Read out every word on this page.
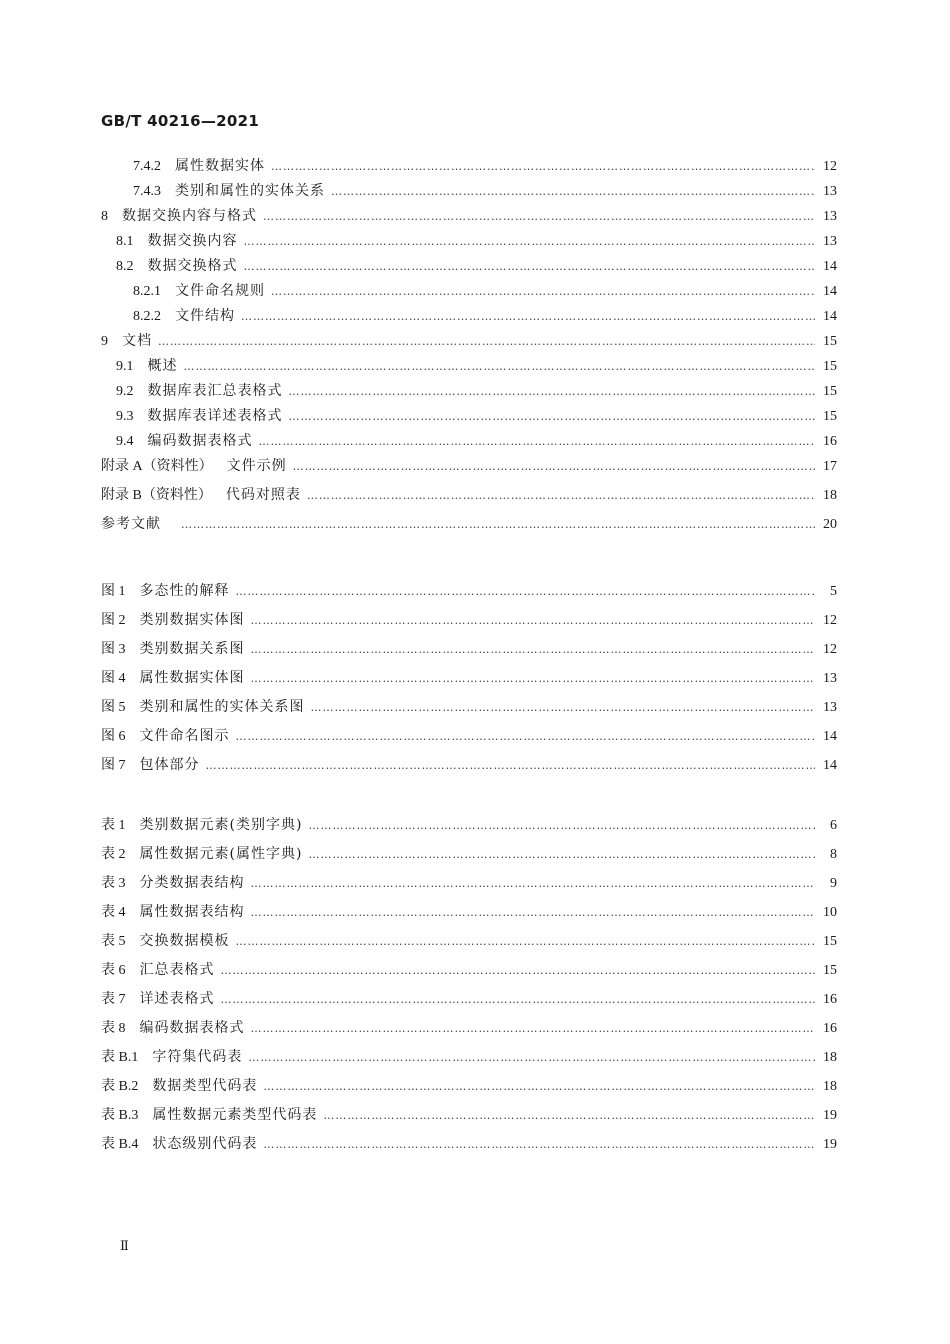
GB/T 40216—2021
7.4.2 属性数据实体 ………………………………………………………………………………………………………………………………………………………………	12
7.4.3 类别和属性的实体关系 ………………………………………………………………………………………………………………………………………………………………	13
8 数据交换内容与格式 ………………………………………………………………………………………………………………………………………………………………	13
8.1 数据交换内容 ………………………………………………………………………………………………………………………………………………………………	13
8.2 数据交换格式 ………………………………………………………………………………………………………………………………………………………………	14
8.2.1 文件命名规则 ………………………………………………………………………………………………………………………………………………………………	14
8.2.2 文件结构 ………………………………………………………………………………………………………………………………………………………………	14
9 文档 ………………………………………………………………………………………………………………………………………………………………	15
9.1 概述 ………………………………………………………………………………………………………………………………………………………………	15
9.2 数据库表汇总表格式 ………………………………………………………………………………………………………………………………………………………………	15
9.3 数据库表详述表格式 ………………………………………………………………………………………………………………………………………………………………	15
9.4 编码数据表格式 ………………………………………………………………………………………………………………………………………………………………	16
附录 A（资料性） 文件示例 ………………………………………………………………………………………………………………………………………………………………	17
附录 B（资料性） 代码对照表 ………………………………………………………………………………………………………………………………………………………………	18
参考文献 ………………………………………………………………………………………………………………………………………………………………	20
图 1 多态性的解释 ………………………………………………………………………………………………………………………………………………………………	5
图 2 类别数据实体图 ………………………………………………………………………………………………………………………………………………………………	12
图 3 类别数据关系图 ………………………………………………………………………………………………………………………………………………………………	12
图 4 属性数据实体图 ………………………………………………………………………………………………………………………………………………………………	13
图 5 类别和属性的实体关系图 ………………………………………………………………………………………………………………………………………………………………	13
图 6 文件命名图示 ………………………………………………………………………………………………………………………………………………………………	14
图 7 包体部分 ………………………………………………………………………………………………………………………………………………………………	14
表 1 类别数据元素(类别字典) ………………………………………………………………………………………………………………………………………………………………	6
表 2 属性数据元素(属性字典) ………………………………………………………………………………………………………………………………………………………………	8
表 3 分类数据表结构 ………………………………………………………………………………………………………………………………………………………………	9
表 4 属性数据表结构 ………………………………………………………………………………………………………………………………………………………………	10
表 5 交换数据模板 ………………………………………………………………………………………………………………………………………………………………	15
表 6 汇总表格式 ………………………………………………………………………………………………………………………………………………………………	15
表 7 详述表格式 ………………………………………………………………………………………………………………………………………………………………	16
表 8 编码数据表格式 ………………………………………………………………………………………………………………………………………………………………	16
表 B.1 字符集代码表 ………………………………………………………………………………………………………………………………………………………………	18
表 B.2 数据类型代码表 ………………………………………………………………………………………………………………………………………………………………	18
表 B.3 属性数据元素类型代码表 ………………………………………………………………………………………………………………………………………………………………	19
表 B.4 状态级别代码表 ………………………………………………………………………………………………………………………………………………………………	19
Ⅱ
